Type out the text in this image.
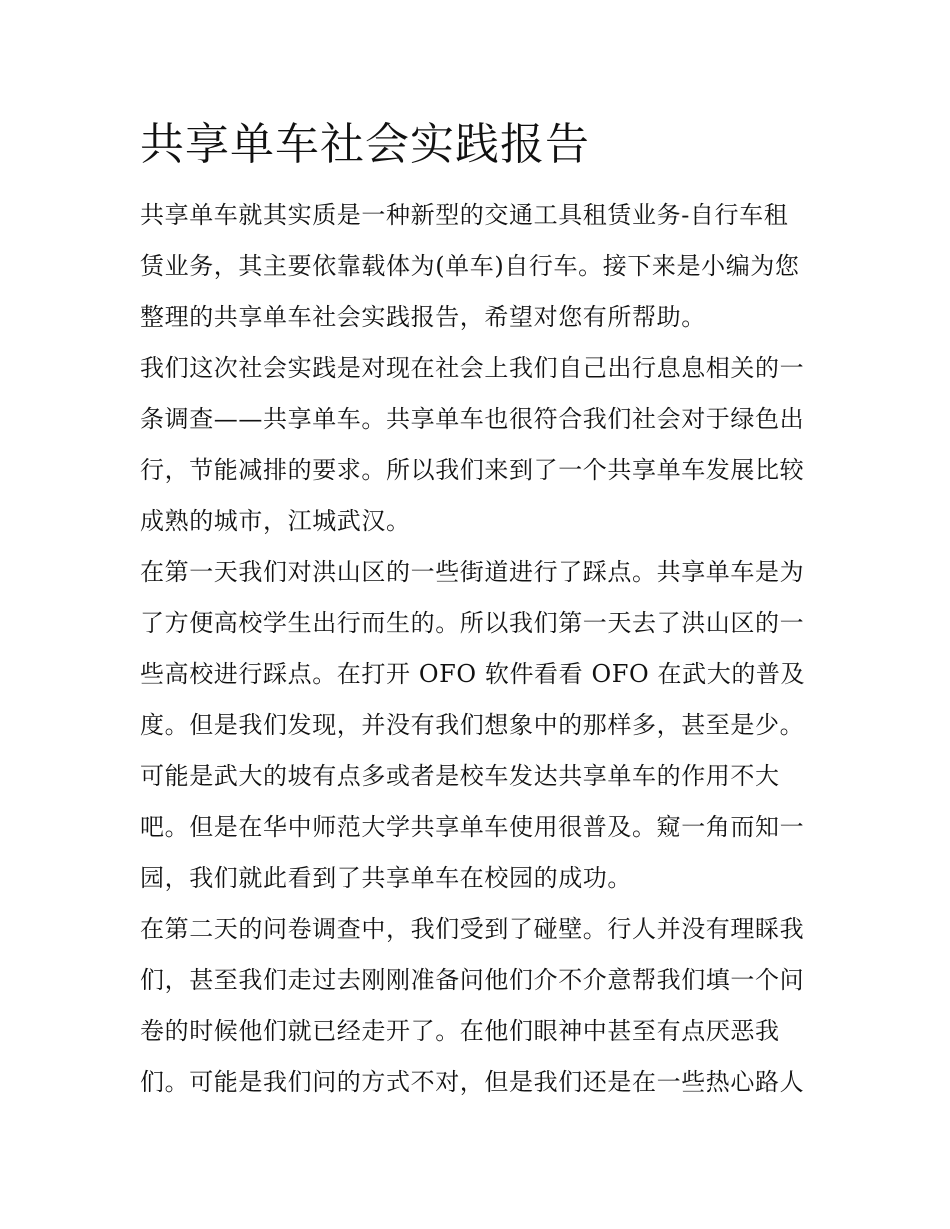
共享单车社会实践报告

共享单车就其实质是一种新型的交通工具租赁业务-自行车租

赁业务，其主要依靠载体为(单车)自行车。接下来是小编为您

整理的共享单车社会实践报告，希望对您有所帮助。

我们这次社会实践是对现在社会上我们自己出行息息相关的一

条调查——共享单车。共享单车也很符合我们社会对于绿色出

行，节能减排的要求。所以我们来到了一个共享单车发展比较

成熟的城市，江城武汉。

在第一天我们对洪山区的一些街道进行了踩点。共享单车是为

了方便高校学生出行而生的。所以我们第一天去了洪山区的一

些高校进行踩点。在打开 OFO 软件看看 OFO 在武大的普及

度。但是我们发现，并没有我们想象中的那样多，甚至是少。

可能是武大的坡有点多或者是校车发达共享单车的作用不大

吧。但是在华中师范大学共享单车使用很普及。窥一角而知一

园，我们就此看到了共享单车在校园的成功。

在第二天的问卷调查中，我们受到了碰壁。行人并没有理睬我

们，甚至我们走过去刚刚准备问他们介不介意帮我们填一个问

卷的时候他们就已经走开了。在他们眼神中甚至有点厌恶我

们。可能是我们问的方式不对，但是我们还是在一些热心路人
